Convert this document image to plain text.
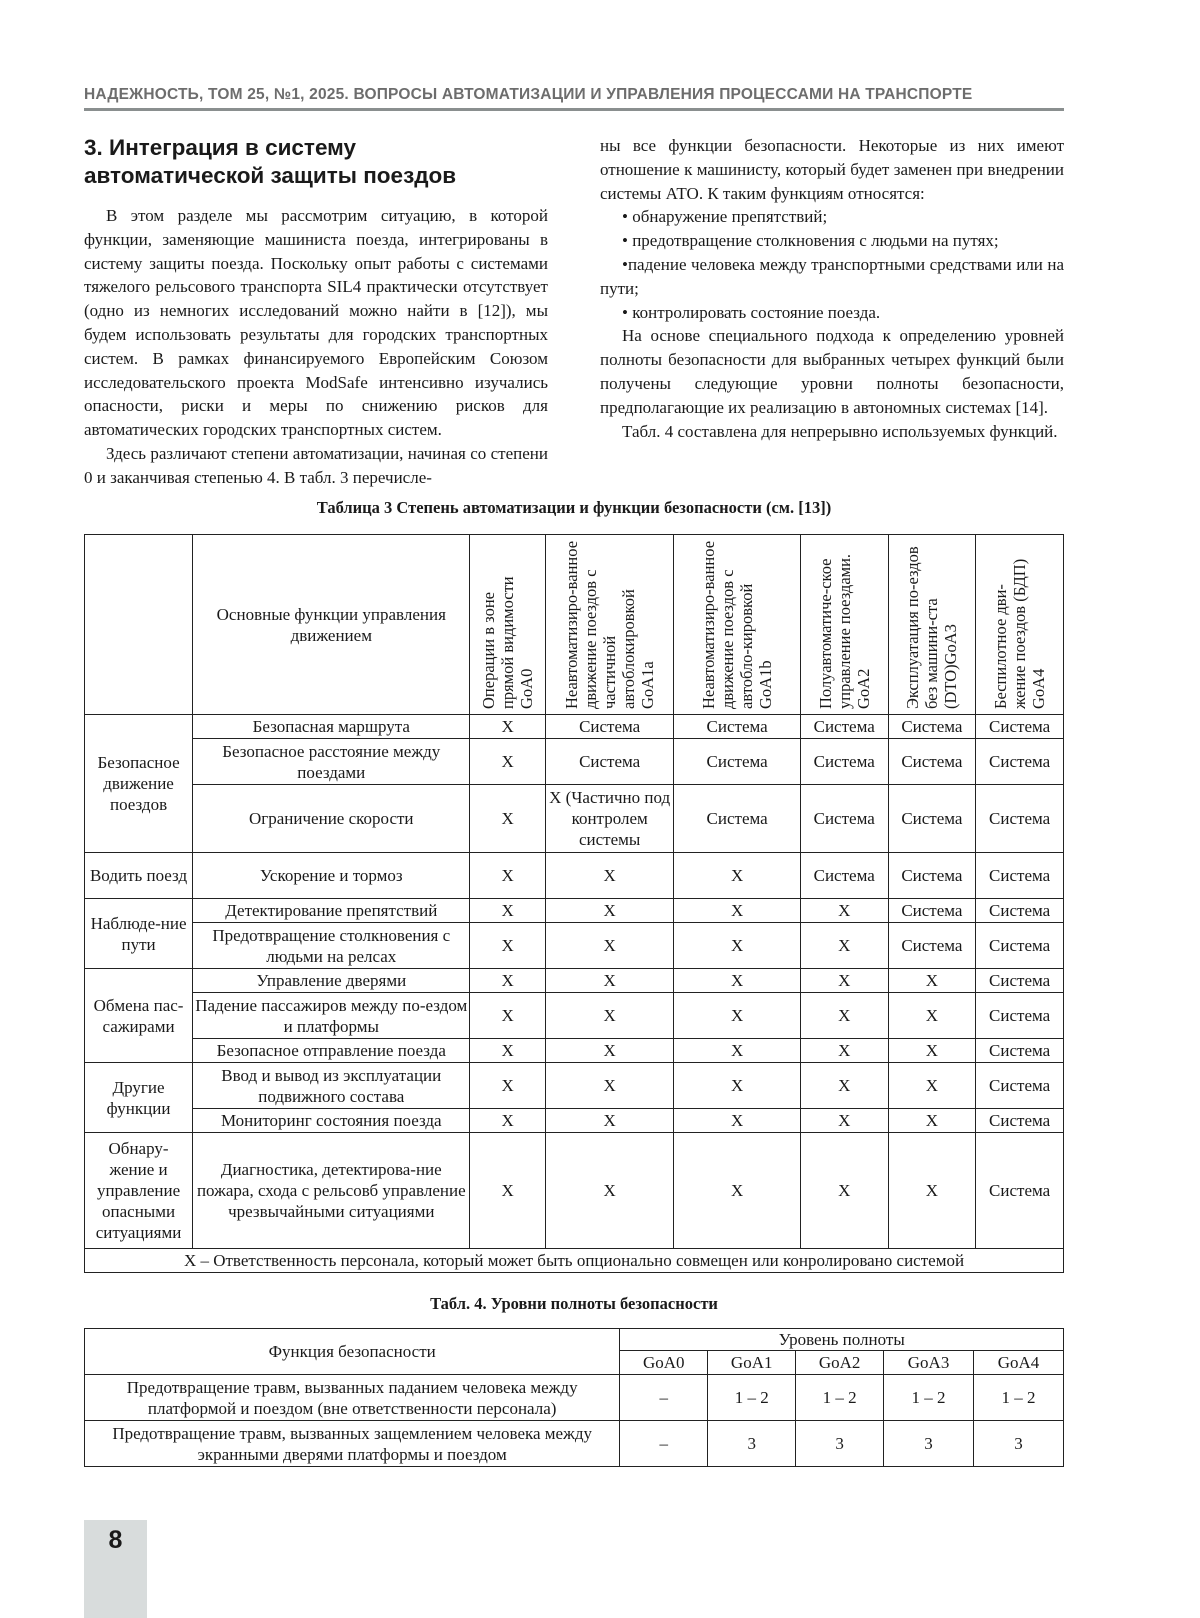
НАДЕЖНОСТЬ, ТОМ 25, №1, 2025. ВОПРОСЫ АВТОМАТИЗАЦИИ И УПРАВЛЕНИЯ ПРОЦЕССАМИ НА ТРАНСПОРТЕ
3. Интеграция в систему
автоматической защиты поездов

В этом разделе мы рассмотрим ситуацию, в которой функции, заменяющие машиниста поезда, интегрированы в систему защиты поезда. Поскольку опыт работы с системами тяжелого рельсового транспорта SIL4 практически отсутствует (одно из немногих исследований можно найти в [12]), мы будем использовать результаты для городских транспортных систем. В рамках финансируемого Европейским Союзом исследовательского проекта ModSafe интенсивно изучались опасности, риски и меры по снижению рисков для автоматических городских транспортных систем.

Здесь различают степени автоматизации, начиная со степени 0 и заканчивая степенью 4. В табл. 3 перечисле-

ны все функции безопасности. Некоторые из них имеют отношение к машинисту, который будет заменен при внедрении системы АТО. К таким функциям относятся:

• обнаружение препятствий;

• предотвращение столкновения с людьми на путях;

•падение человека между транспортными средствами или на пути;

• контролировать состояние поезда.

На основе специального подхода к определению уровней полноты безопасности для выбранных четырех функций были получены следующие уровни полноты безопасности, предполагающие их реализацию в автономных системах [14].

Табл. 4 составлена для непрерывно используемых функций.

Таблица 3 Степень автоматизации и функции безопасности (см. [13])
	Основные функции управления движением	Операции в зоне прямой видимости GoA0	Неавтоматизиро-ванное движение поездов с частичной автоблокировкой GoA1a	Неавтоматизиро-ванное движение поездов с автобло-кировкой GoA1b	Полуавтоматиче-ское управление поездами. GoA2	Эксплуатация по-ездов без машини-ста (DTO)GoA3	Беспилотное дви-жение поездов (БДП) GoA4

Безопасное движение поездов	Безопасная маршрута	X	Система	Система	Система	Система	Система
	Безопасное расстояние между поездами	X	Система	Система	Система	Система	Система
	Ограничение скорости	X	X (Частично под контролем системы	Система	Система	Система	Система
Водить поезд	Ускорение и тормоз	X	X	X	Система	Система	Система
Наблюде-ние пути	Детектирование препятствий	X	X	X	X	Система	Система
	Предотвращение столкновения с людьми на релсах	X	X	X	X	Система	Система
Обмена пас-сажирами	Управление дверями	X	X	X	X	X	Система
	Падение пассажиров между по-ездом и платформы	X	X	X	X	X	Система
	Безопасное отправление поезда	X	X	X	X	X	Система
Другие функции	Ввод и вывод из эксплуатации подвижного состава	X	X	X	X	X	Система
	Мониторинг состояния поезда	X	X	X	X	X	Система
Обнару-жение и управление опасными ситуациями	Диагностика, детектирова-ние пожара, схода с рельсовб управление чрезвычайными ситуациями	X	X	X	X	X	Система
X – Ответственность персонала, который может быть опционально совмещен или конролировано системой							
Табл. 4. Уровни полноты безопасности
Функция безопасности	Уровень полноты				
	GoA0	GoA1	GoA2	GoA3	GoA4
Предотвращение травм, вызванных паданием человека между платформой и поездом (вне ответственности персонала)	–	1 – 2	1 – 2	1 – 2	1 – 2
Предотвращение травм, вызванных защемлением человека между экранными дверями платформы и поездом	–	3	3	3	3
8
